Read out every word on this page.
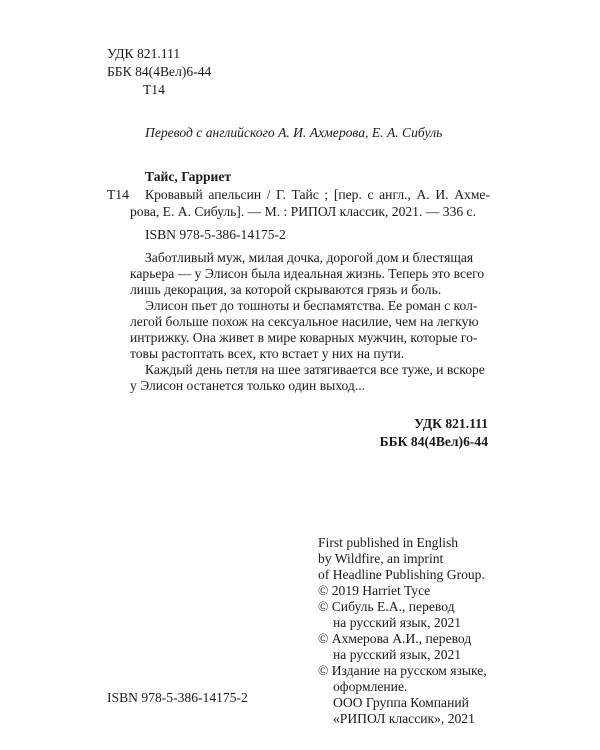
УДК 821.111
ББК 84(4Вел)6-44
Т14
Перевод с английского А. И. Ахмерова, Е. А. Сибуль
Тайс, Гарриет
Т14 Кровавый апельсин / Г. Тайс ; [пер. с англ., А. И. Ахме-
рова, Е. А. Сибуль]. — М. : РИПОЛ классик, 2021. — 336 с.
ISBN 978-5-386-14175-2
Заботливый муж, милая дочка, дорогой дом и блестящая
карьера — у Элисон была идеальная жизнь. Теперь это всего
лишь декорация, за которой скрываются грязь и боль.
Элисон пьет до тошноты и беспамятства. Ее роман с кол-
легой больше похож на сексуальное насилие, чем на легкую
интрижку. Она живет в мире коварных мужчин, которые го-
товы растоптать всех, кто встает у них на пути.
Каждый день петля на шее затягивается все туже, и вскоре
у Элисон останется только один выход...
УДК 821.111
ББК 84(4Вел)6-44
First published in English
by Wildfire, an imprint
of Headline Publishing Group.
© 2019 Harriet Tyce
© Сибуль Е.А., перевод
на русский язык, 2021
© Ахмерова А.И., перевод
на русский язык, 2021
© Издание на русском языке,
оформление.
ООО Группа Компаний
«РИПОЛ классик», 2021
ISBN 978-5-386-14175-2
